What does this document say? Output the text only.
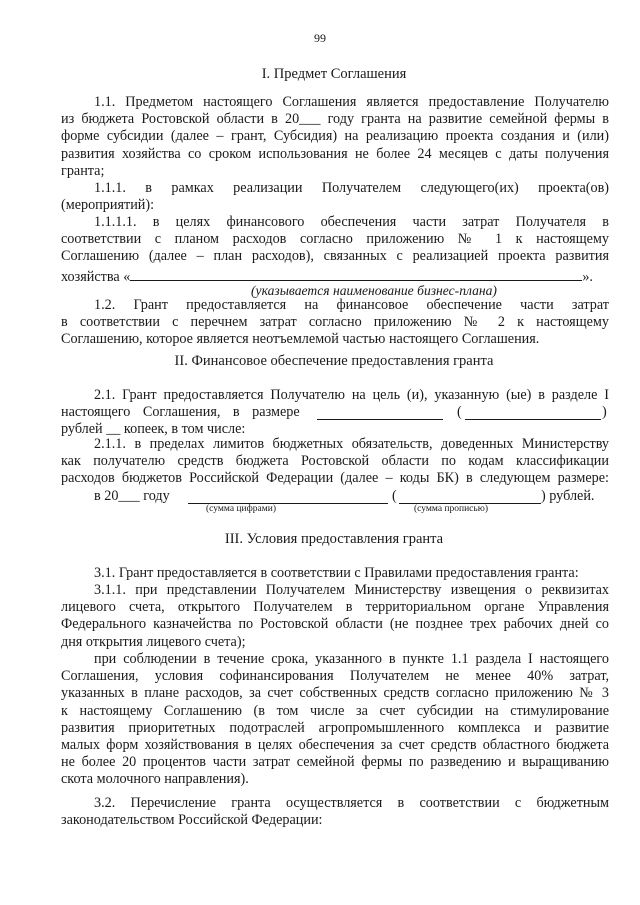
99
I. Предмет Соглашения
1.1. Предметом настоящего Соглашения является предоставление Получателю
из бюджета Ростовской области в 20___ году гранта на развитие семейной фермы в
форме субсидии (далее – грант, Субсидия) на реализацию проекта создания и (или)
развития хозяйства со сроком использования не более 24 месяцев с даты получения
гранта;
1.1.1. в рамках реализации Получателем следующего(их) проекта(ов)
(мероприятий):
1.1.1.1. в целях финансового обеспечения части затрат Получателя в
соответствии с планом расходов согласно приложению № 1 к настоящему
Соглашению (далее – план расходов), связанных с реализацией проекта развития
хозяйства «	».
(указывается наименование бизнес-плана)
1.2. Грант предоставляется на финансовое обеспечение части затрат
в соответствии с перечнем затрат согласно приложению № 2 к настоящему
Соглашению, которое является неотъемлемой частью настоящего Соглашения.
II. Финансовое обеспечение предоставления гранта
2.1. Грант предоставляется Получателю на цель (и), указанную (ые) в разделе I
настоящего Соглашения, в размере	(	)
рублей __ копеек, в том числе:
2.1.1. в пределах лимитов бюджетных обязательств, доведенных Министерству
как получателю средств бюджета Ростовской области по кодам классификации
расходов бюджетов Российской Федерации (далее – коды БК) в следующем размере:
в 20___ году	(	) рублей.
(сумма цифрами)	(сумма прописью)
III. Условия предоставления гранта
3.1. Грант предоставляется в соответствии с Правилами предоставления гранта:
3.1.1. при представлении Получателем Министерству извещения о реквизитах
лицевого счета, открытого Получателем в территориальном органе Управления
Федерального казначейства по Ростовской области (не позднее трех рабочих дней со
дня открытия лицевого счета);
при соблюдении в течение срока, указанного в пункте 1.1 раздела I настоящего
Соглашения, условия софинансирования Получателем не менее 40% затрат,
указанных в плане расходов, за счет собственных средств согласно приложению № 3
к настоящему Соглашению (в том числе за счет субсидии на стимулирование
развития приоритетных подотраслей агропромышленного комплекса и развитие
малых форм хозяйствования в целях обеспечения за счет средств областного бюджета
не более 20 процентов части затрат семейной фермы по разведению и выращиванию
скота молочного направления).
3.2. Перечисление гранта осуществляется в соответствии с бюджетным
законодательством Российской Федерации:
